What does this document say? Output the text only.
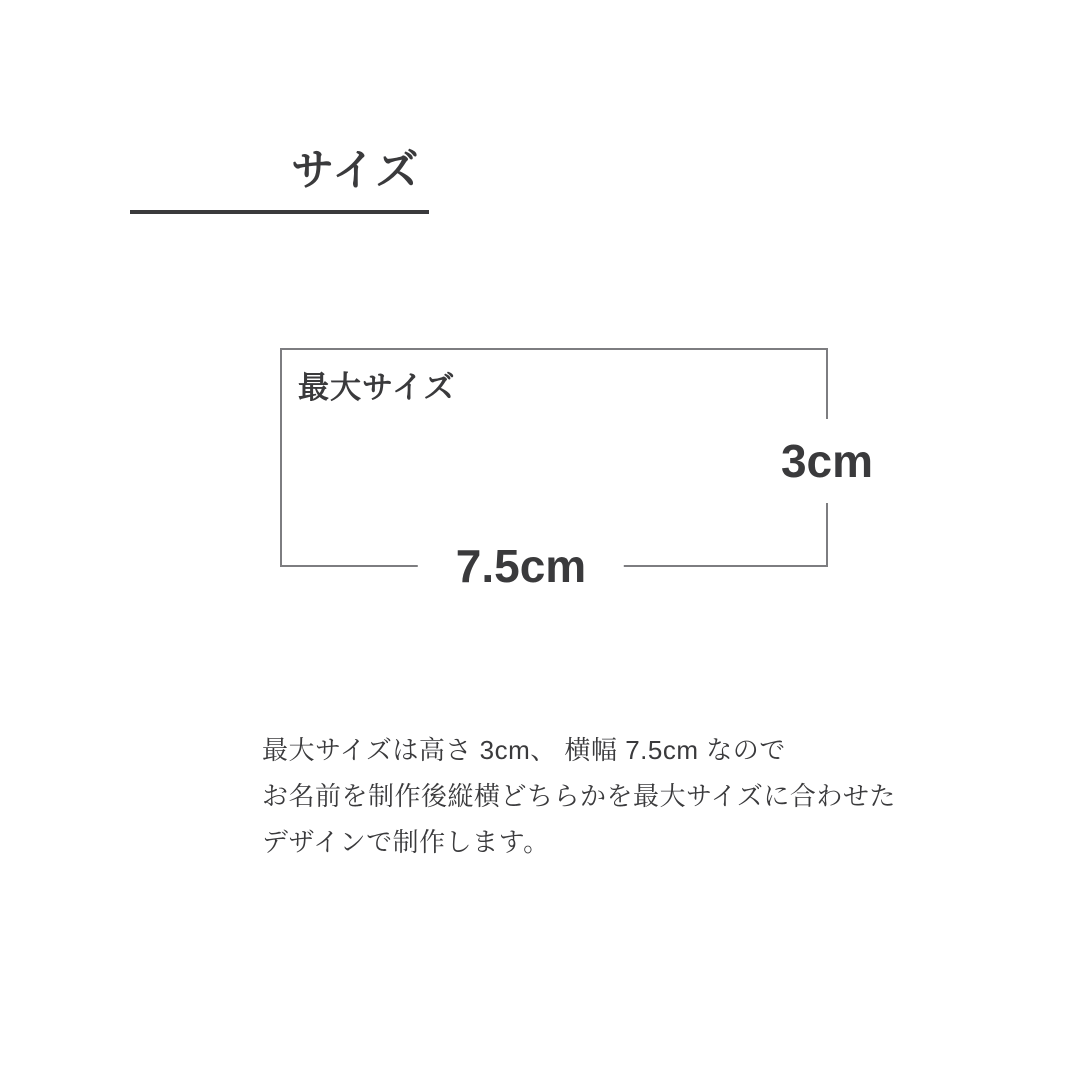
サイズ
最大サイズ
3cm
7.5cm

最大サイズは高さ 3cm、 横幅 7.5cm なので
お名前を制作後縦横どちらかを最大サイズに合わせた
デザインで制作します。
